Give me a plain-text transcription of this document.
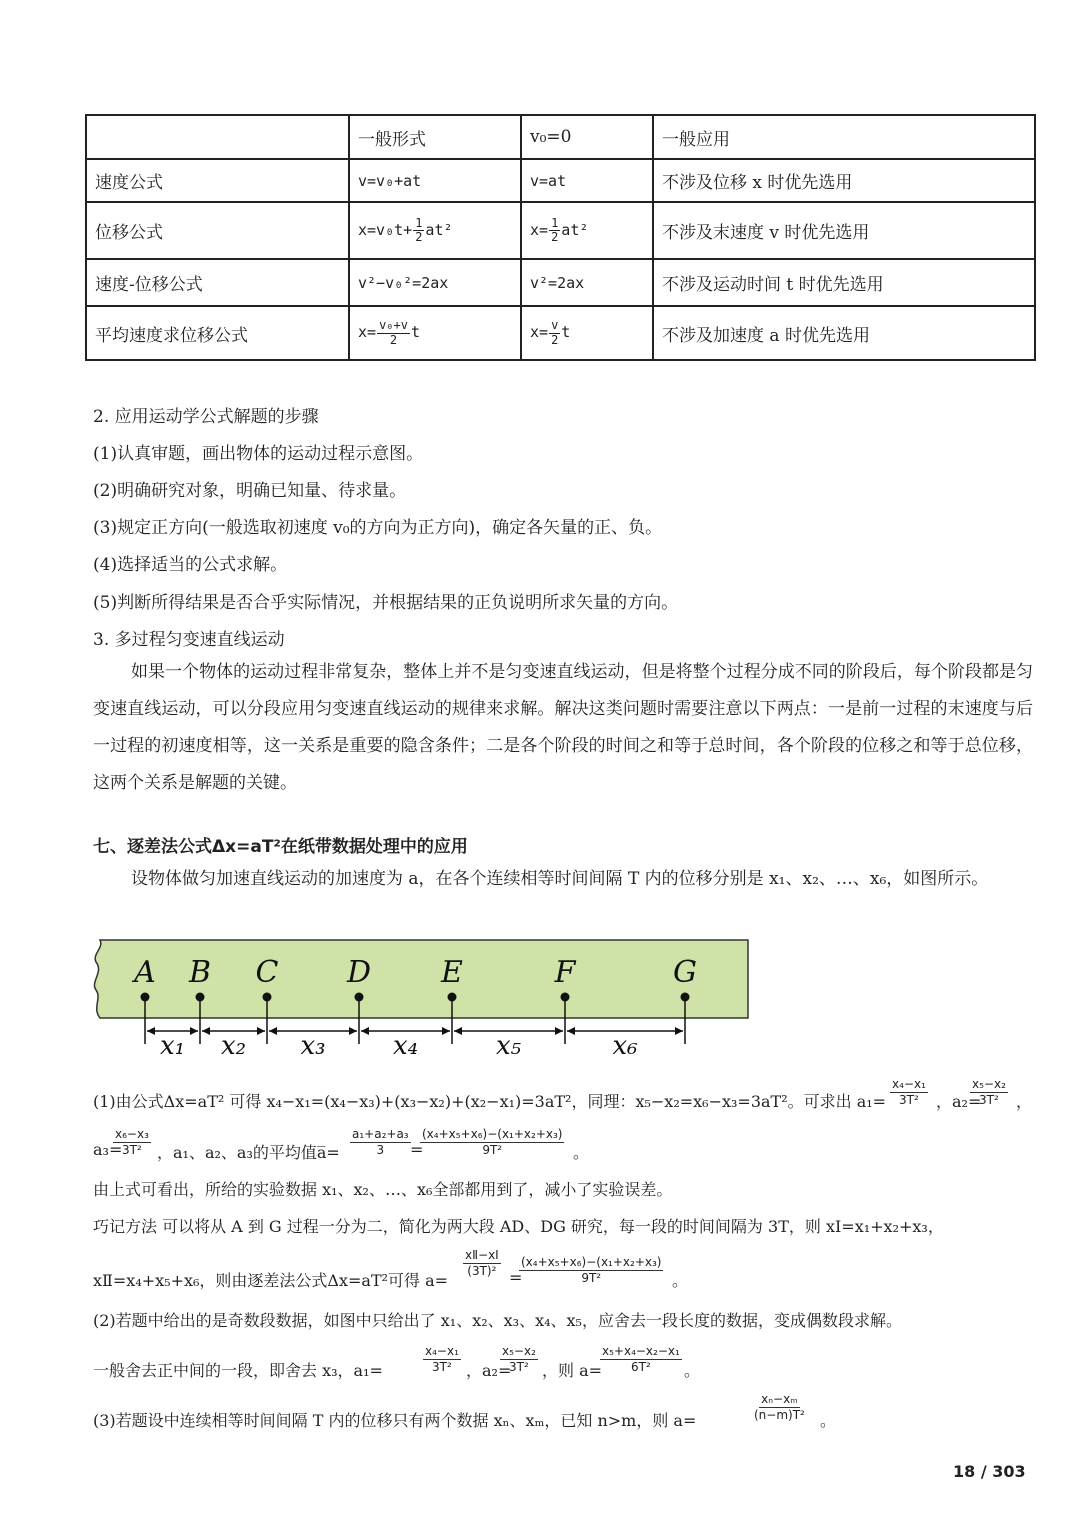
	一般形式	v₀=0	一般应用
速度公式	v=v₀+at	v=at	不涉及位移 x 时优先选用
位移公式	$x=v_0t+ \frac{1}{2} at^2$	$x= \frac{1}{2} at^2$	不涉及末速度 v 时优先选用
速度-位移公式	v²−v₀²=2ax	v²=2ax	不涉及运动时间 t 时优先选用
平均速度求位移公式	$x= \frac{\text{v₀+v}}{2}$ t	$x= \frac{v}{2}$ t	不涉及加速度 a 时优先选用
2. 应用运动学公式解题的步骤
(1)认真审题，画出物体的运动过程示意图。
(2)明确研究对象，明确已知量、待求量。
(3)规定正方向(一般选取初速度 v₀的方向为正方向)，确定各矢量的正、负。
(4)选择适当的公式求解。
(5)判断所得结果是否合乎实际情况，并根据结果的正负说明所求矢量的方向。
3. 多过程匀变速直线运动
如果一个物体的运动过程非常复杂，整体上并不是匀变速直线运动，但是将整个过程分成不同的阶段后，每个阶段都是匀变速直线运动，可以分段应用匀变速直线运动的规律来求解。解决这类问题时需要注意以下两点：一是前一过程的末速度与后一过程的初速度相等，这一关系是重要的隐含条件；二是各个阶段的时间之和等于总时间，各个阶段的位移之和等于总位移，这两个关系是解题的关键。
七、逐差法公式Δx=aT²在纸带数据处理中的应用
设物体做匀加速直线运动的加速度为 a，在各个连续相等时间间隔 T 内的位移分别是 x₁、x₂、…、x₆，如图所示。
A B C D E	F	G
x₁ x₂ x₃	x₄	x₅	x₆
(1)由公式Δx=aT² 可得 x₄−x₁=(x₄−x₃)+(x₃−x₂)+(x₂−x₁)=3aT²，同理：x₅−x₂=x₆−x₃=3aT²。可求出 a₁=
x₄−x₁
3T² ，a₂=
x₅−x₂
3T² ，
a₃=
x₆−x₃
3T² ，a₁、a₂、a₃的平均值a̅=
a₁+a₂+a₃
3 =
(x₄+x₅+x₆)−(x₁+x₂+x₃)
9T²	。
由上式可看出，所给的实验数据 x₁、x₂、…、x₆全部都用到了，减小了实验误差。
巧记方法 可以将从 A 到 G 过程一分为二，简化为两大段 AD、DG 研究，每一段的时间间隔为 3T，则 xⅠ=x₁+x₂+x₃，
xⅡ=x₄+x₅+x₆，则由逐差法公式Δx=aT²可得 a=
xⅡ−xⅠ
(3T)² =
(x₄+x₅+x₆)−(x₁+x₂+x₃)
9T²	。
(2)若题中给出的是奇数段数据，如图中只给出了 x₁、x₂、x₃、x₄、x₅，应舍去一段长度的数据，变成偶数段求解。
一般舍去正中间的一段，即舍去 x₃，a₁=
x₄−x₁
3T² ，a₂=
x₅−x₂
3T² ，则 a=
x₅+x₄−x₂−x₁
6T² 。
(3)若题设中连续相等时间间隔 T 内的位移只有两个数据 xₙ、xₘ，已知 n>m，则 a=
xₙ−xₘ
(n−m)T² 。
18 / 303
